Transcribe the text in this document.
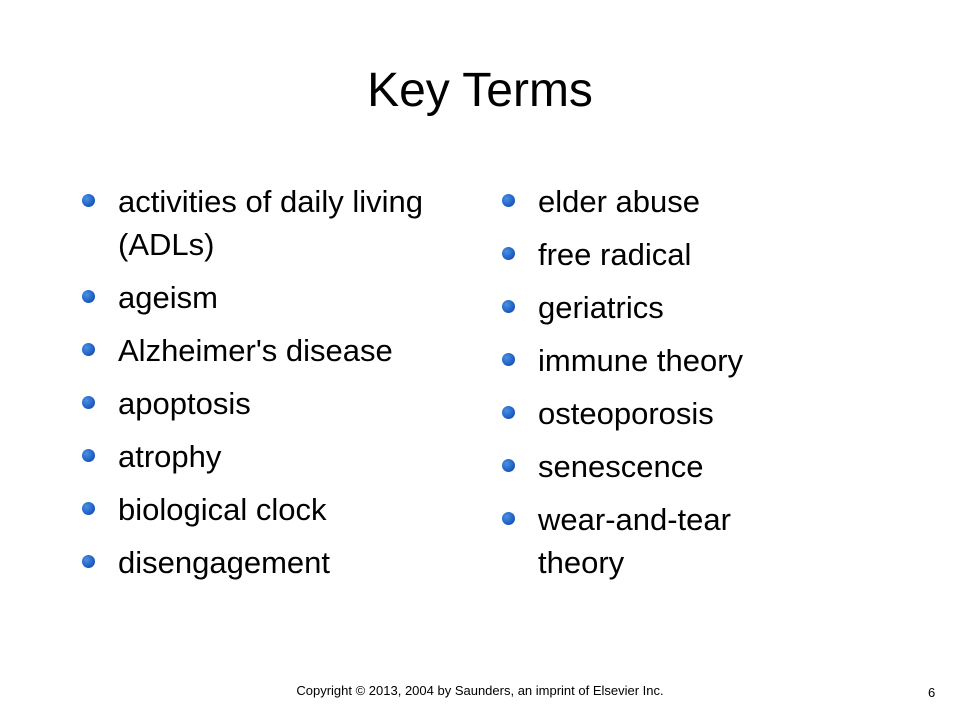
Key Terms
activities of daily living (ADLs)
ageism
Alzheimer's disease
apoptosis
atrophy
biological clock
disengagement
elder abuse
free radical
geriatrics
immune theory
osteoporosis
senescence
wear-and-tear theory
Copyright © 2013, 2004 by Saunders, an imprint of Elsevier Inc.	6
